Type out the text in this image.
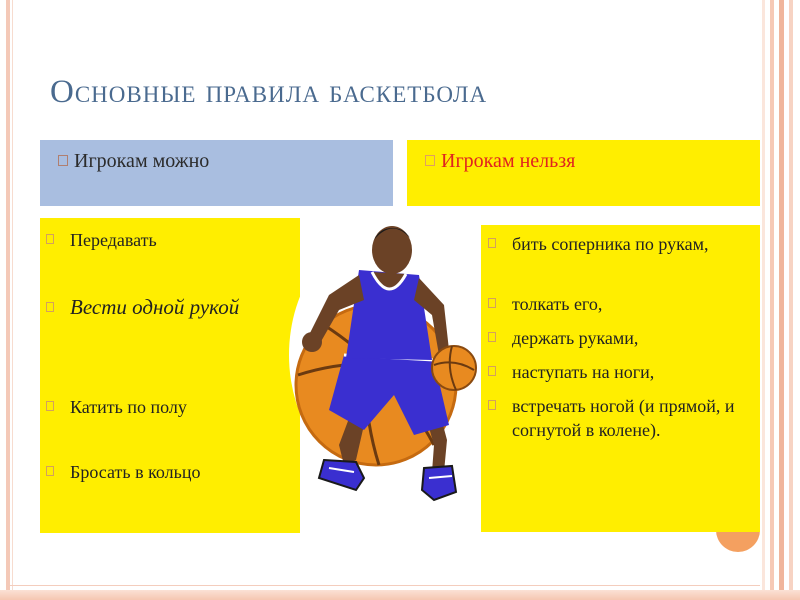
Основные правила баскетбола
Игрокам можно	Игрокам нельзя
Передавать
Вести одной рукой
Катить по полу
Бросать в кольцо
бить соперника по рукам,
толкать его,
держать руками,
наступать на ноги,
встречать ногой (и прямой, и согнутой в колене).
